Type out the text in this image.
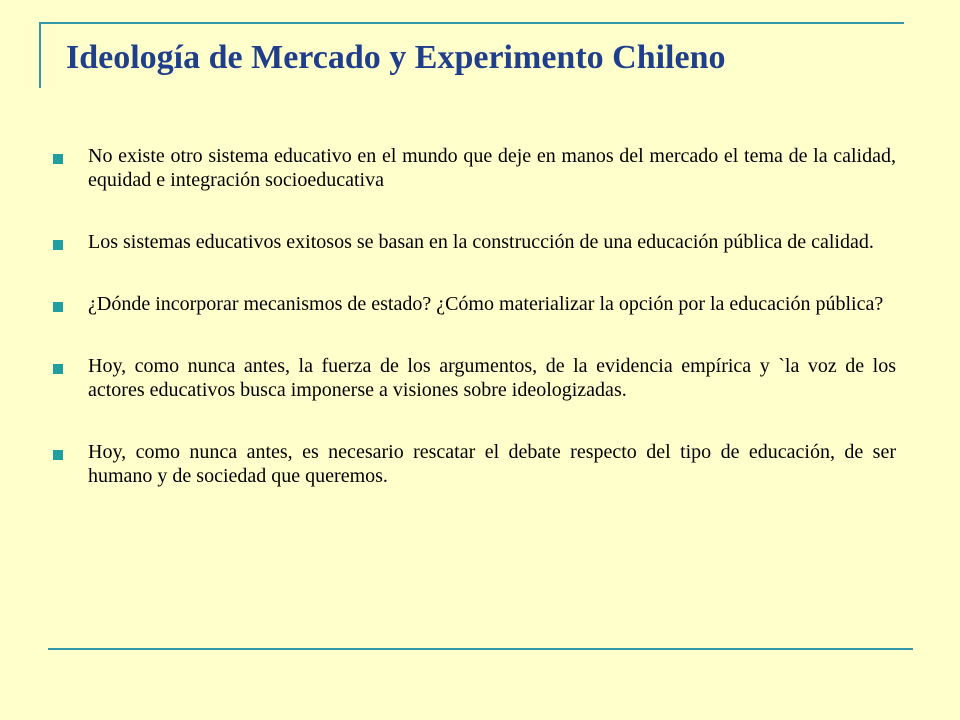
Ideología de Mercado y Experimento Chileno
No existe otro sistema educativo en el mundo que deje en manos del mercado el tema de la calidad, equidad e integración socioeducativa
Los sistemas educativos exitosos se basan en la construcción de una educación pública de calidad.
¿Dónde incorporar mecanismos de estado? ¿Cómo materializar la opción por la educación pública?
Hoy, como nunca antes, la fuerza de los argumentos, de la evidencia empírica y `la voz de los actores educativos busca imponerse a visiones sobre ideologizadas.
Hoy, como nunca antes, es necesario rescatar el debate respecto del tipo de educación, de ser humano y de sociedad que queremos.
